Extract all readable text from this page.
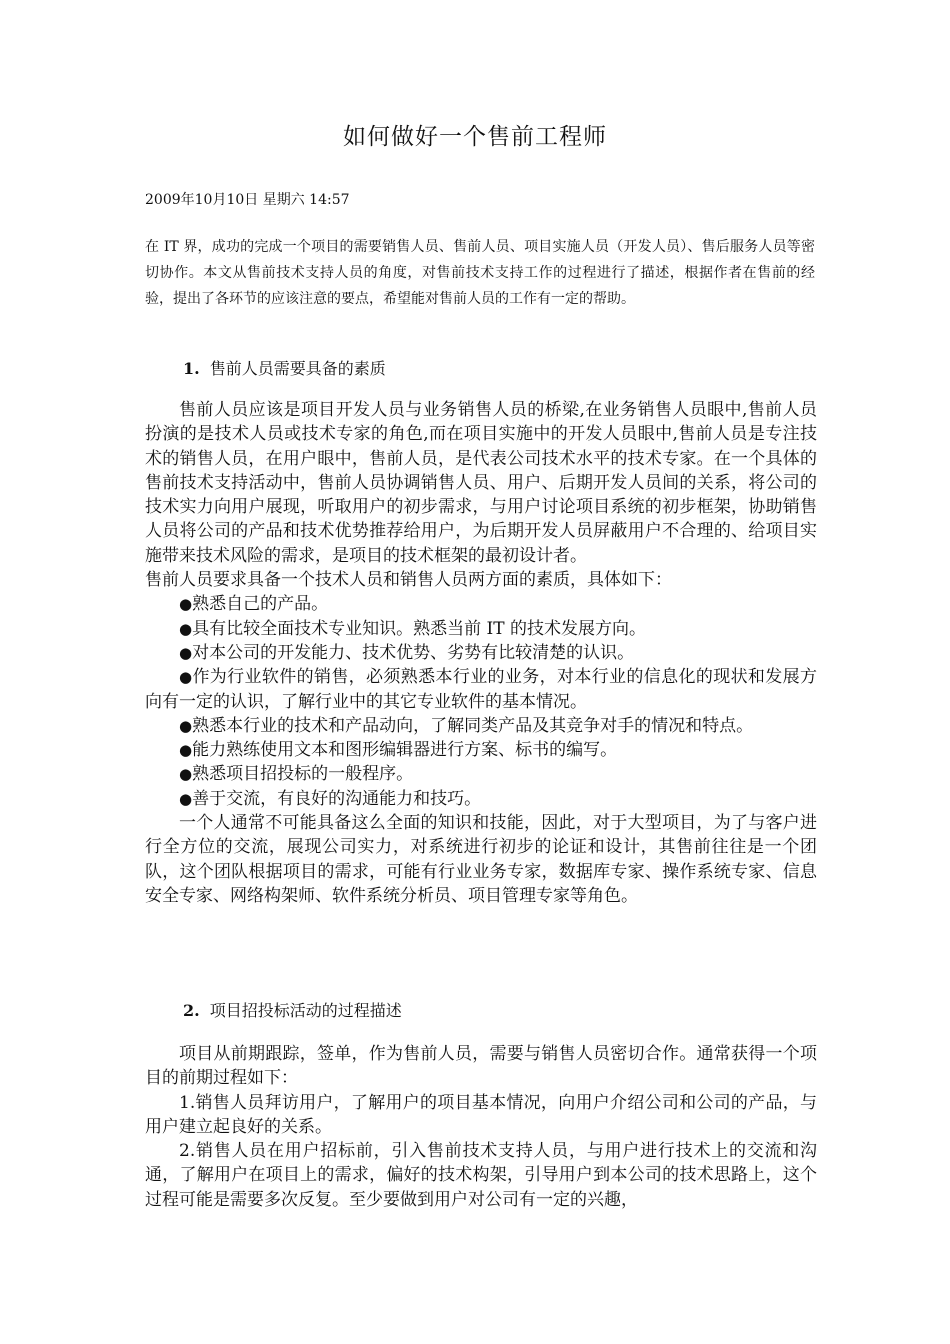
如何做好一个售前工程师
2009年10月10日 星期六 14:57
在 IT 界，成功的完成一个项目的需要销售人员、售前人员、项目实施人员（开发人员）、售后服务人员等密切协作。本文从售前技术支持人员的角度，对售前技术支持工作的过程进行了描述，根据作者在售前的经验，提出了各环节的应该注意的要点，希望能对售前人员的工作有一定的帮助。
1. 售前人员需要具备的素质

售前人员应该是项目开发人员与业务销售人员的桥梁,在业务销售人员眼中,售前人员扮演的是技术人员或技术专家的角色,而在项目实施中的开发人员眼中,售前人员是专注技术的销售人员，在用户眼中，售前人员，是代表公司技术水平的技术专家。在一个具体的售前技术支持活动中，售前人员协调销售人员、用户、后期开发人员间的关系，将公司的技术实力向用户展现，听取用户的初步需求，与用户讨论项目系统的初步框架，协助销售人员将公司的产品和技术优势推荐给用户，为后期开发人员屏蔽用户不合理的、给项目实施带来技术风险的需求，是项目的技术框架的最初设计者。

售前人员要求具备一个技术人员和销售人员两方面的素质，具体如下：

●熟悉自己的产品。

●具有比较全面技术专业知识。熟悉当前 IT 的技术发展方向。

●对本公司的开发能力、技术优势、劣势有比较清楚的认识。

●作为行业软件的销售，必须熟悉本行业的业务，对本行业的信息化的现状和发展方向有一定的认识，了解行业中的其它专业软件的基本情况。

●熟悉本行业的技术和产品动向，了解同类产品及其竞争对手的情况和特点。

●能力熟练使用文本和图形编辑器进行方案、标书的编写。

●熟悉项目招投标的一般程序。

●善于交流，有良好的沟通能力和技巧。

一个人通常不可能具备这么全面的知识和技能，因此，对于大型项目，为了与客户进行全方位的交流，展现公司实力，对系统进行初步的论证和设计，其售前往往是一个团队，这个团队根据项目的需求，可能有行业业务专家，数据库专家、操作系统专家、信息安全专家、网络构架师、软件系统分析员、项目管理专家等角色。

2. 项目招投标活动的过程描述

项目从前期跟踪，签单，作为售前人员，需要与销售人员密切合作。通常获得一个项目的前期过程如下：

1.销售人员拜访用户，了解用户的项目基本情况，向用户介绍公司和公司的产品，与用户建立起良好的关系。

2.销售人员在用户招标前，引入售前技术支持人员，与用户进行技术上的交流和沟通，了解用户在项目上的需求，偏好的技术构架，引导用户到本公司的技术思路上，这个过程可能是需要多次反复。至少要做到用户对公司有一定的兴趣，
